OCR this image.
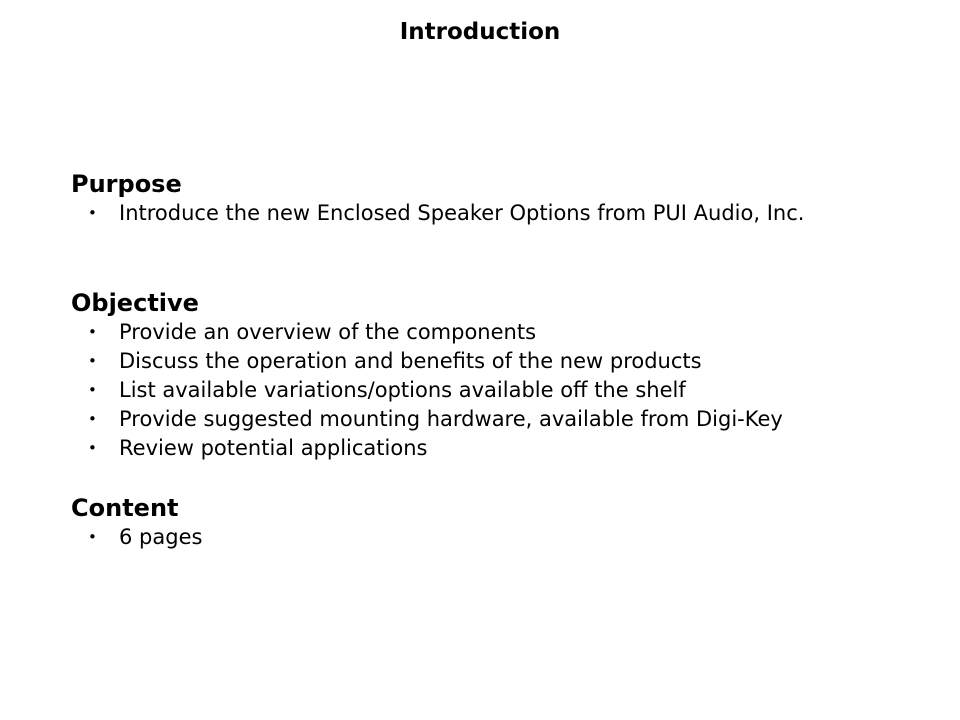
Introduction
Purpose
• Introduce the new Enclosed Speaker Options from PUI Audio, Inc.
Objective
• Provide an overview of the components
• Discuss the operation and benefits of the new products
• List available variations/options available off the shelf
• Provide suggested mounting hardware, available from Digi-Key
• Review potential applications
Content
• 6 pages
